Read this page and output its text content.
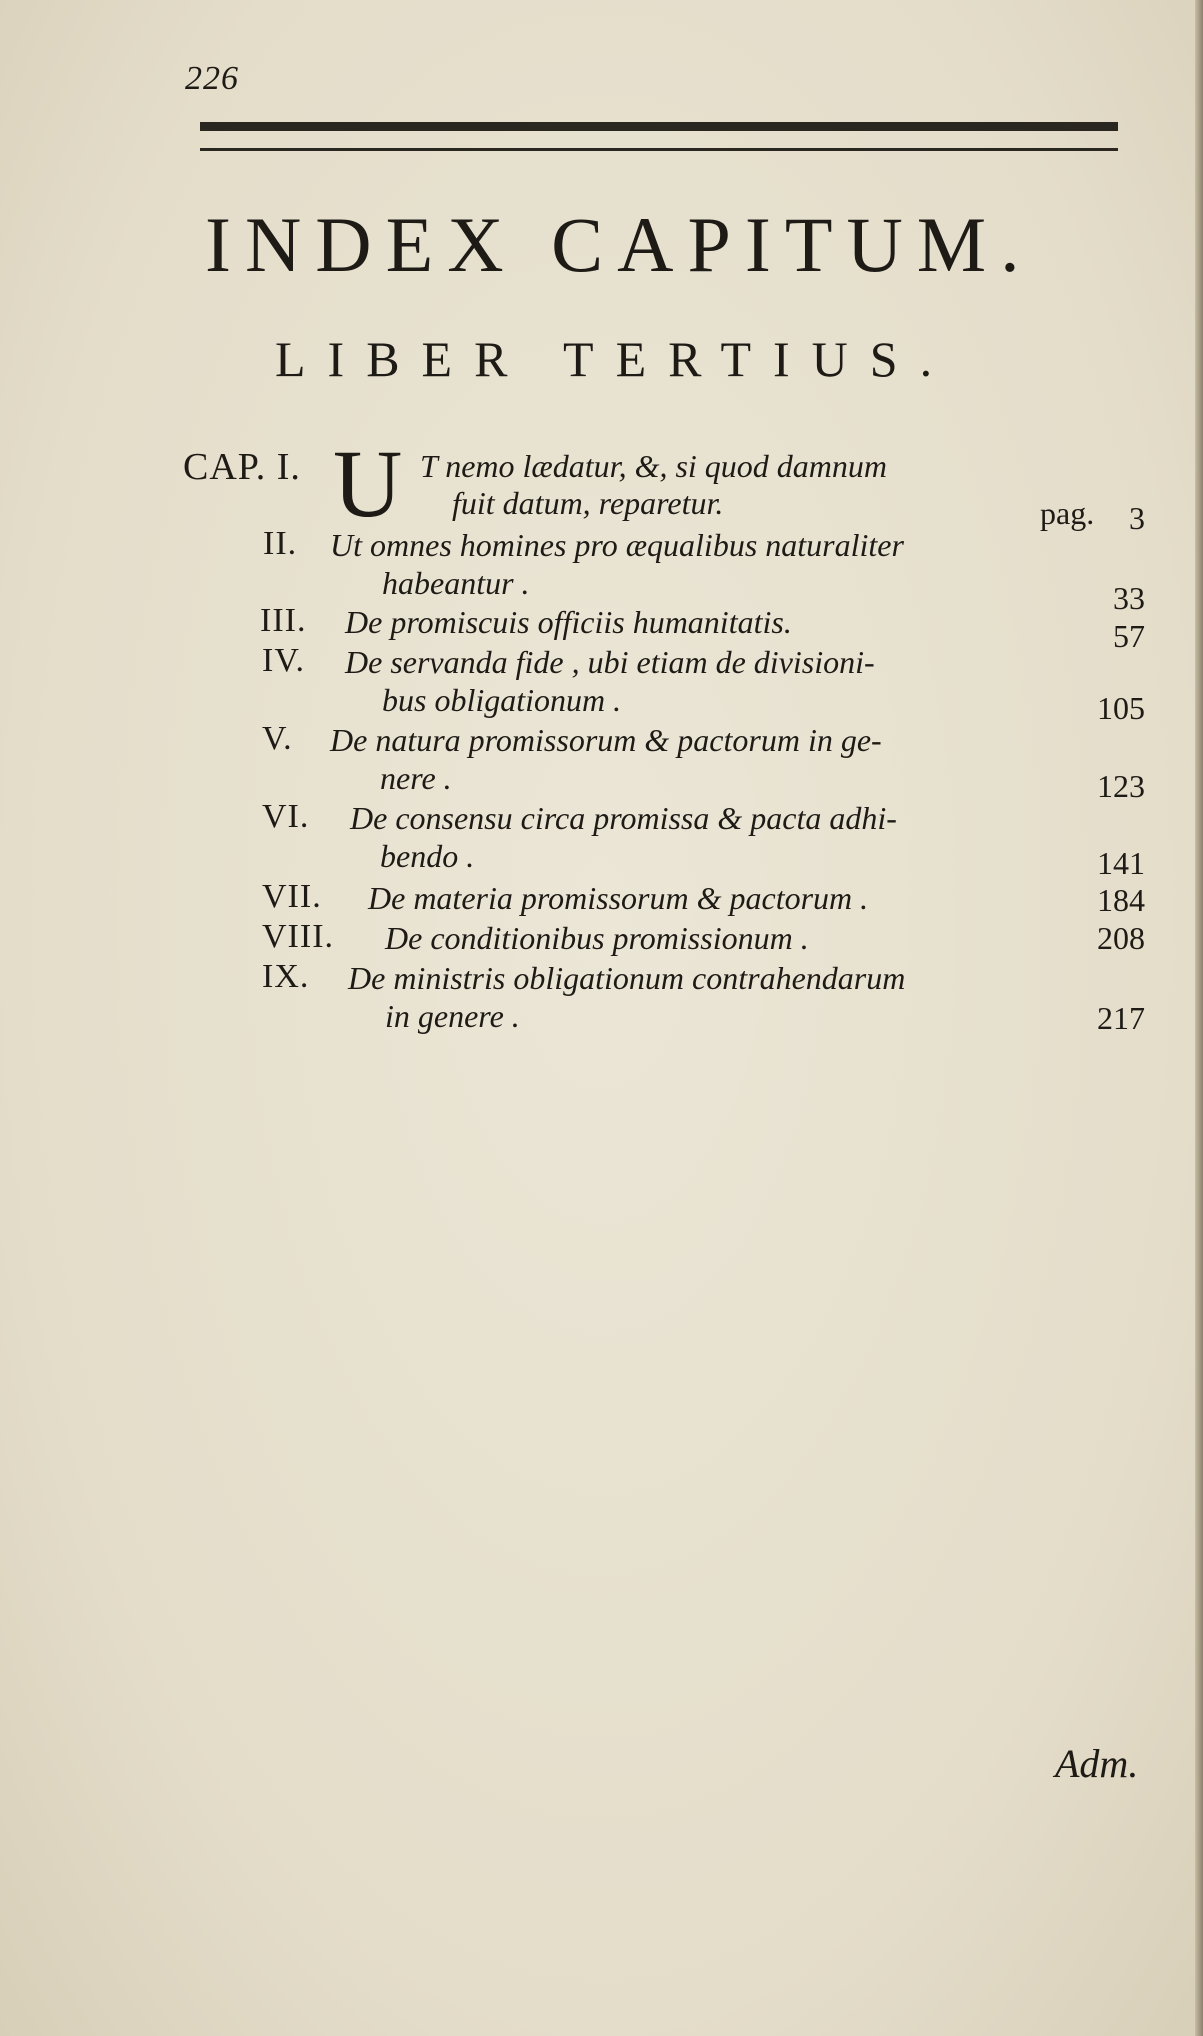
226
INDEX CAPITUM.
LIBER TERTIUS.
CAP. I. U T nemo lædatur, &, si quod damnum
fuit datum, reparetur.	pag.	3
II. Ut omnes homines pro æqualibus naturaliter
habeantur .	33
III. De promiscuis officiis humanitatis.	57
IV. De servanda fide , ubi etiam de divisioni-
bus obligationum .	105
V. De natura promissorum & pactorum in ge-
nere .	123
VI. De consensu circa promissa & pacta adhi-
bendo .	141
VII. De materia promissorum & pactorum .	184
VIII. De conditionibus promissionum .	208
IX. De ministris obligationum contrahendarum
in genere .	217
Adm.
